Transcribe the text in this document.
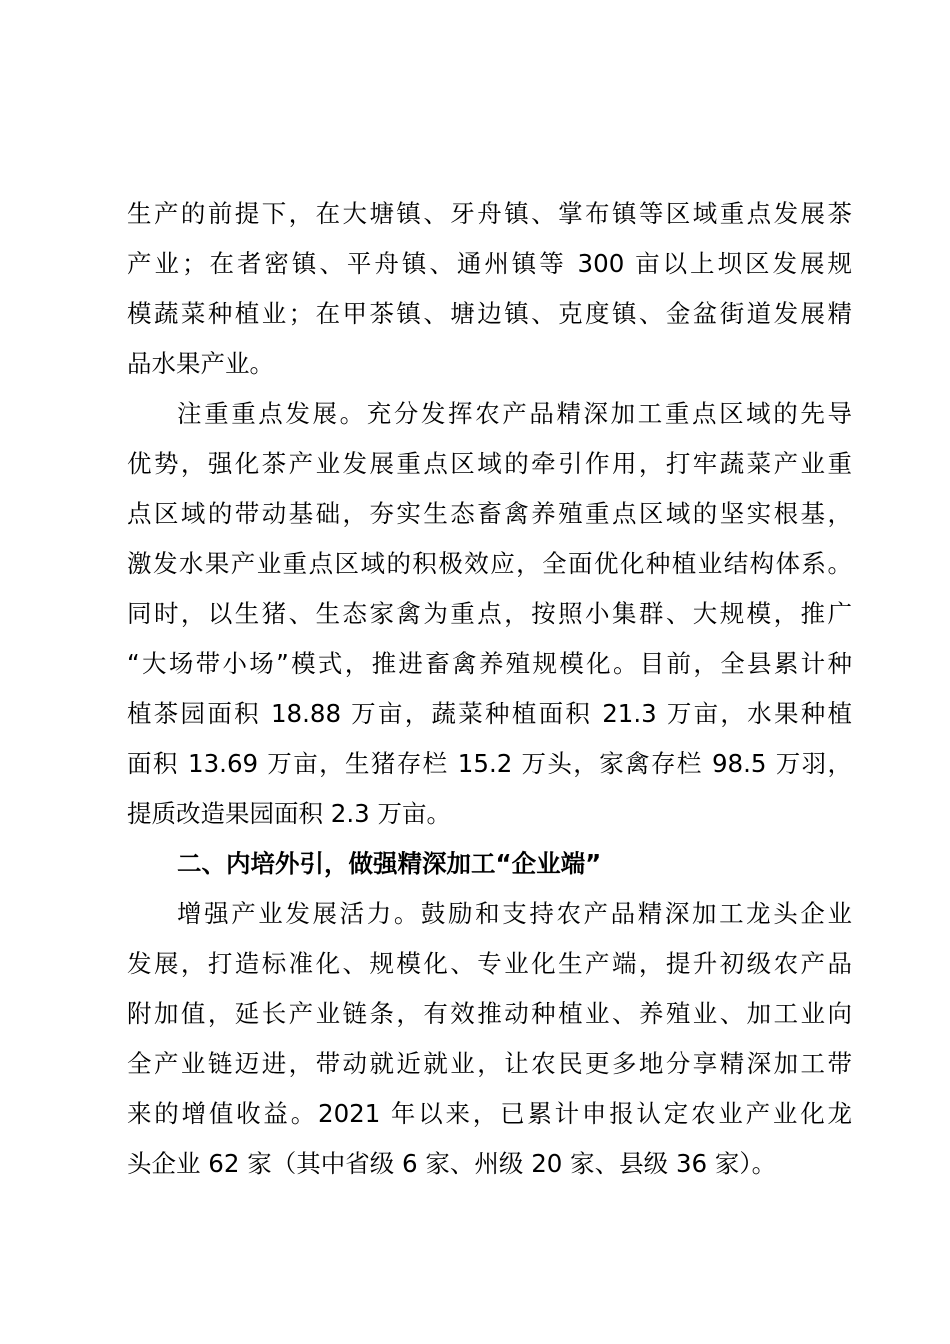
生产的前提下，在大塘镇、牙舟镇、掌布镇等区域重点发展茶
产业；在者密镇、平舟镇、通州镇等 300 亩以上坝区发展规
模蔬菜种植业；在甲茶镇、塘边镇、克度镇、金盆街道发展精
品水果产业。
注重重点发展。充分发挥农产品精深加工重点区域的先导
优势，强化茶产业发展重点区域的牵引作用，打牢蔬菜产业重
点区域的带动基础，夯实生态畜禽养殖重点区域的坚实根基，
激发水果产业重点区域的积极效应，全面优化种植业结构体系。
同时，以生猪、生态家禽为重点，按照小集群、大规模，推广
“大场带小场”模式，推进畜禽养殖规模化。目前，全县累计种
植茶园面积 18.88 万亩，蔬菜种植面积 21.3 万亩，水果种植
面积 13.69 万亩，生猪存栏 15.2 万头，家禽存栏 98.5 万羽，
提质改造果园面积 2.3 万亩。
二、内培外引，做强精深加工“企业端”
增强产业发展活力。鼓励和支持农产品精深加工龙头企业
发展，打造标准化、规模化、专业化生产端，提升初级农产品
附加值，延长产业链条，有效推动种植业、养殖业、加工业向
全产业链迈进，带动就近就业，让农民更多地分享精深加工带
来的增值收益。2021 年以来，已累计申报认定农业产业化龙
头企业 62 家（其中省级 6 家、州级 20 家、县级 36 家）。
